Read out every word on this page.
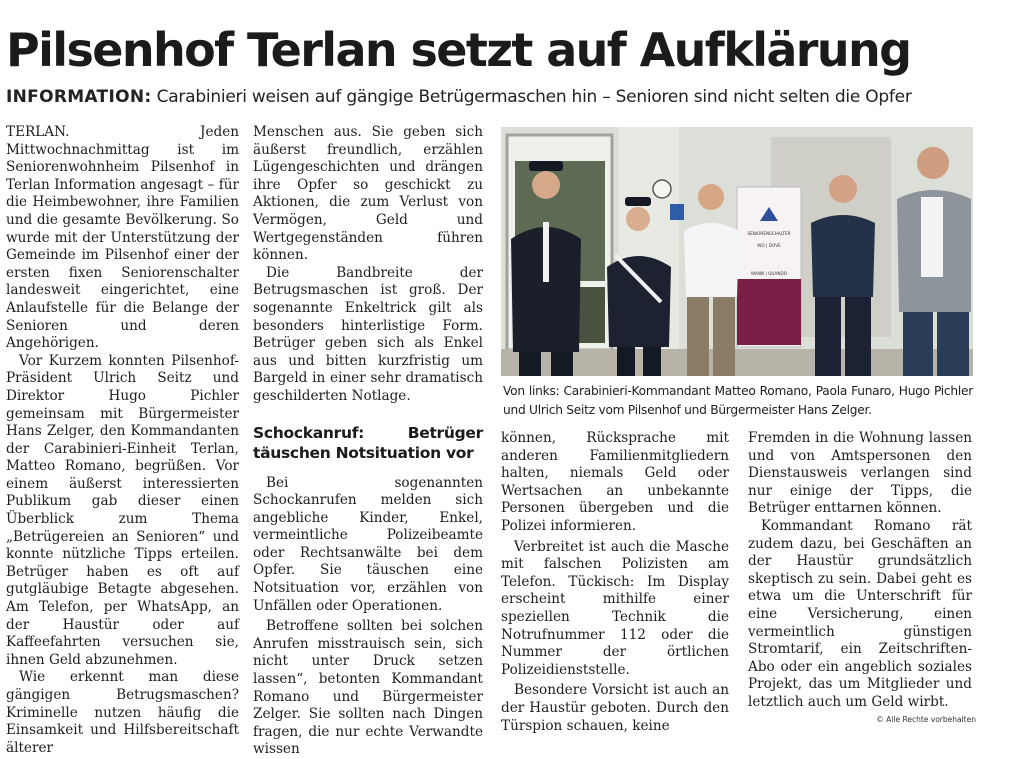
Pilsenhof Terlan setzt auf Aufklärung
INFORMATION: Carabinieri weisen auf gängige Betrügermaschen hin – Senioren sind nicht selten die Opfer

TERLAN. Jeden Mittwochnachmittag ist im Seniorenwohnheim Pilsenhof in Terlan Information angesagt – für die Heimbewohner, ihre Familien und die gesamte Bevölkerung. So wurde mit der Unterstützung der Gemeinde im Pilsenhof einer der ersten fixen Seniorenschalter landesweit eingerichtet, eine Anlaufstelle für die Belange der Senioren und deren Angehörigen.

Vor Kurzem konnten Pilsenhof-Präsident Ulrich Seitz und Direktor Hugo Pichler gemeinsam mit Bürgermeister Hans Zelger, den Kommandanten der Carabinieri-Einheit Terlan, Matteo Romano, begrüßen. Vor einem äußerst interessierten Publikum gab dieser einen Überblick zum Thema „Betrügereien an Senioren“ und konnte nützliche Tipps erteilen. Betrüger haben es oft auf gutgläubige Betagte abgesehen. Am Telefon, per WhatsApp, an der Haustür oder auf Kaffeefahrten versuchen sie, ihnen Geld abzunehmen.

Wie erkennt man diese gängigen Betrugsmaschen? Kriminelle nutzen häufig die Einsamkeit und Hilfsbereitschaft älterer

Menschen aus. Sie geben sich äußerst freundlich, erzählen Lügengeschichten und drängen ihre Opfer so geschickt zu Aktionen, die zum Verlust von Vermögen, Geld und Wertgegenständen führen können.

Die Bandbreite der Betrugsmaschen ist groß. Der sogenannte Enkeltrick gilt als besonders hinterlistige Form. Betrüger geben sich als Enkel aus und bitten kurzfristig um Bargeld in einer sehr dramatisch geschilderten Notlage.

Schockanruf: Betrüger täuschen Notsituation vor

Bei sogenannten Schockanrufen melden sich angebliche Kinder, Enkel, vermeintliche Polizeibeamte oder Rechtsanwälte bei dem Opfer. Sie täuschen eine Notsituation vor, erzählen von Unfällen oder Operationen.

Betroffene sollten bei solchen Anrufen misstrauisch sein, sich nicht unter Druck setzen lassen“, betonten Kommandant Romano und Bürgermeister Zelger. Sie sollten nach Dingen fragen, die nur echte Verwandte wissen

SENIORENSCHALTER
WO | DOVE
WANN | QUANDO
Von links: Carabinieri-Kommandant Matteo Romano, Paola Funaro, Hugo Pichler und Ulrich Seitz vom Pilsenhof und Bürgermeister Hans Zelger.

können, Rücksprache mit anderen Familienmitgliedern halten, niemals Geld oder Wertsachen an unbekannte Personen übergeben und die Polizei informieren.

Verbreitet ist auch die Masche mit falschen Polizisten am Telefon. Tückisch: Im Display erscheint mithilfe einer speziellen Technik die Notrufnummer 112 oder die Nummer der örtlichen Polizeidienststelle.

Besondere Vorsicht ist auch an der Haustür geboten. Durch den Türspion schauen, keine

Fremden in die Wohnung lassen und von Amtspersonen den Dienstausweis verlangen sind nur einige der Tipps, die Betrüger enttarnen können.

Kommandant Romano rät zudem dazu, bei Geschäften an der Haustür grundsätzlich skeptisch zu sein. Dabei geht es etwa um die Unterschrift für eine Versicherung, einen vermeintlich günstigen Stromtarif, ein Zeitschriften-Abo oder ein angeblich soziales Projekt, das um Mitglieder und letztlich auch um Geld wirbt.

© Alle Rechte vorbehalten
